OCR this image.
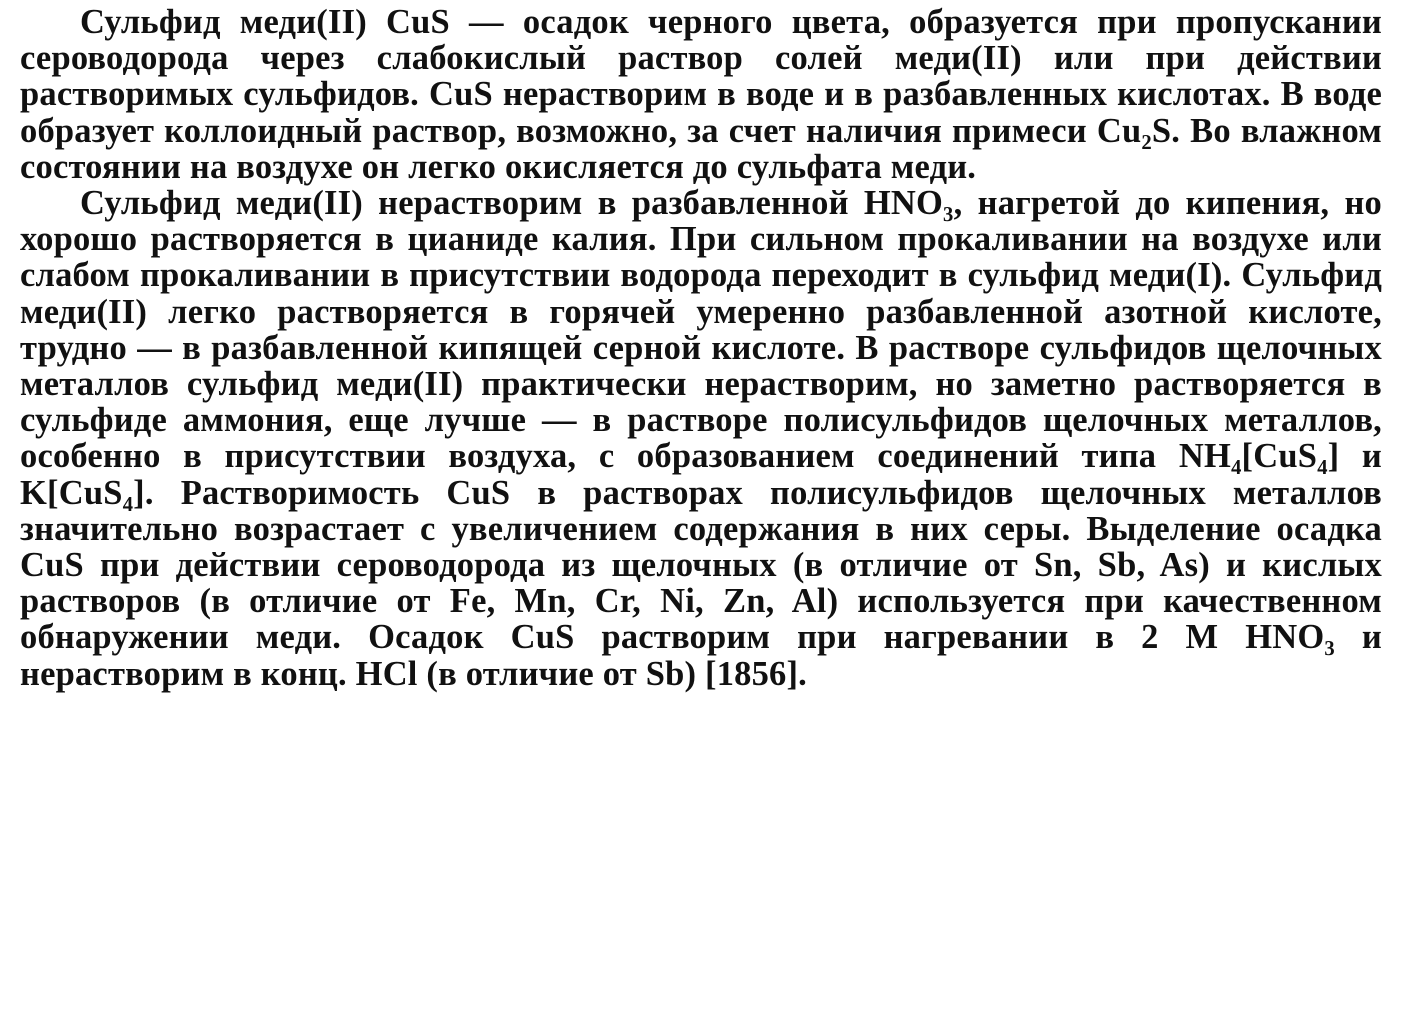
Сульфид меди(II) CuS — осадок черного цвета, образуется при пропускании сероводорода через слабокислый раствор солей меди(II) или при действии растворимых сульфидов. CuS нерастворим в воде и в разбавленных кислотах. В воде образует коллоидный раствор, возможно, за счет наличия примеси Cu₂S. Во влажном состоянии на воздухе он легко окисляется до сульфата меди.

Сульфид меди(II) нерастворим в разбавленной HNO₃, нагретой до кипения, но хорошо растворяется в цианиде калия. При сильном прокаливании на воздухе или слабом прокаливании в присутствии водорода переходит в сульфид меди(I). Сульфид меди(II) легко растворяется в горячей умеренно разбавленной азотной кислоте, трудно — в разбавленной кипящей серной кислоте. В растворе сульфидов щелочных металлов сульфид меди(II) практически нерастворим, но заметно растворяется в сульфиде аммония, еще лучше — в растворе полисульфидов щелочных металлов, особенно в присутствии воздуха, с образованием соединений типа NH₄[CuS₄] и K[CuS₄]. Растворимость CuS в растворах полисульфидов щелочных металлов значительно возрастает с увеличением содержания в них серы. Выделение осадка CuS при действии сероводорода из щелочных (в отличие от Sn, Sb, As) и кислых растворов (в отличие от Fe, Mn, Cr, Ni, Zn, Al) используется при качественном обнаружении меди. Осадок CuS растворим при нагревании в 2 M HNO₃ и нерастворим в конц. HCl (в отличие от Sb) [1856].
